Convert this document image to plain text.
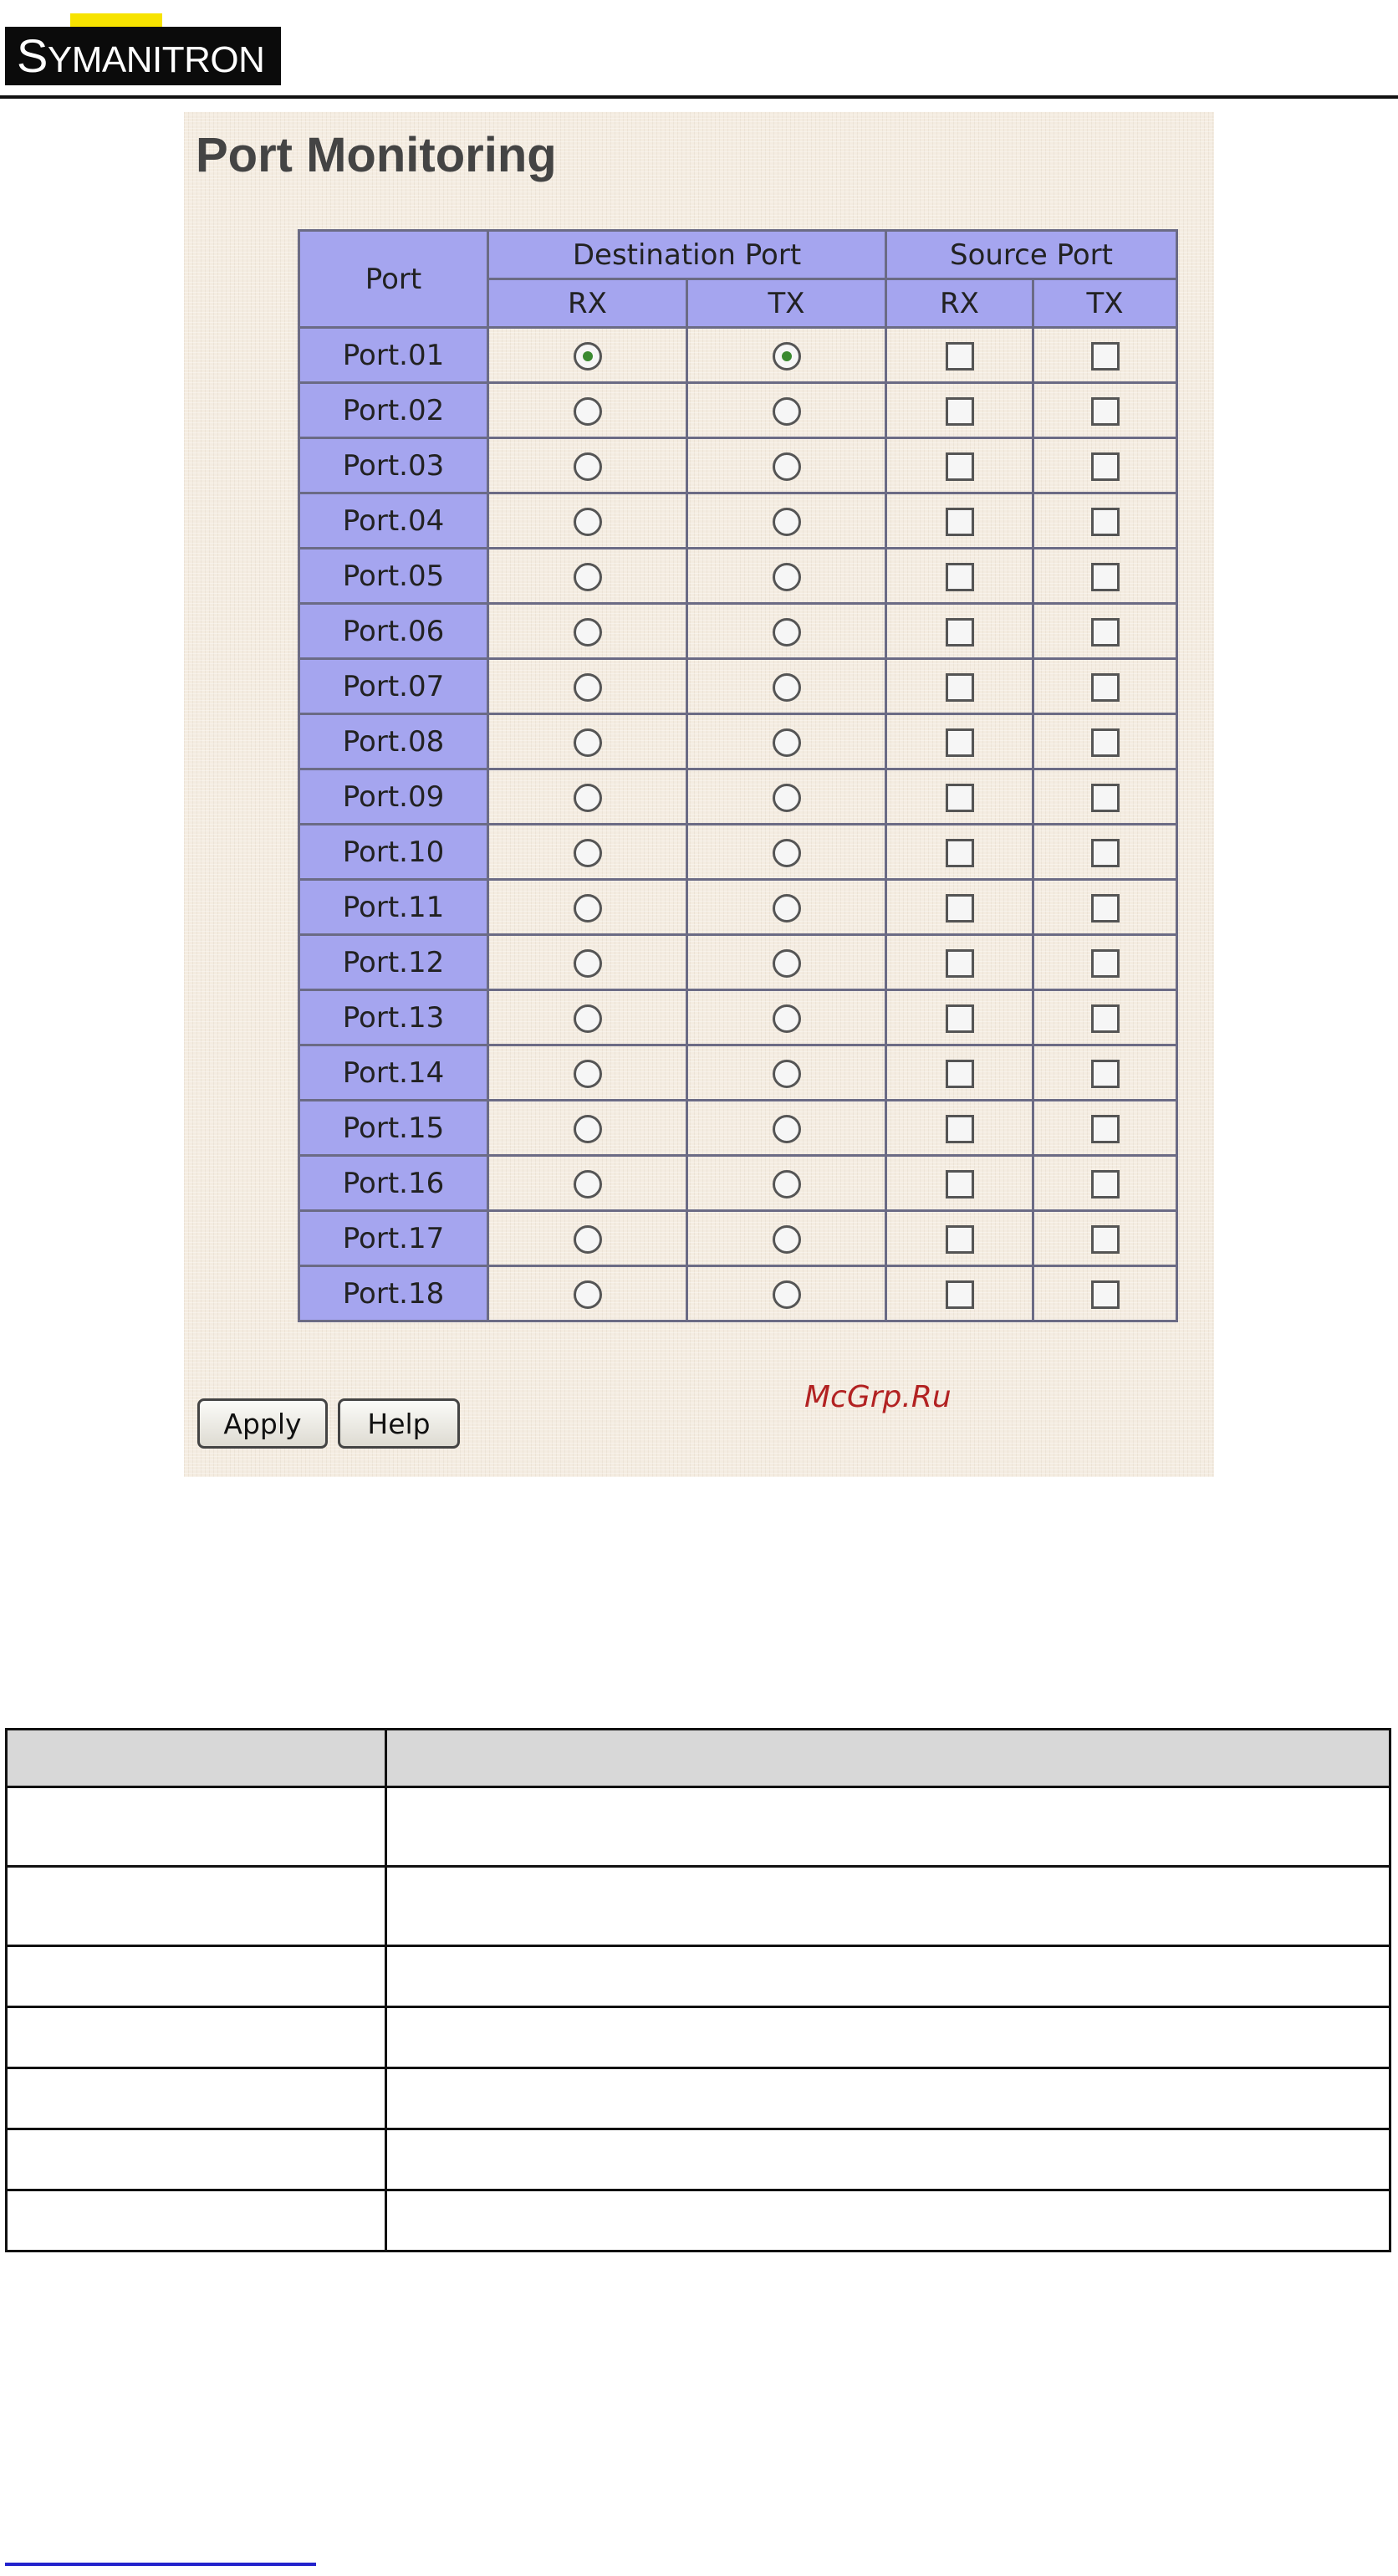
SYMANITRON
Port Monitoring
Port	Destination Port		Source Port	
	RX	TX	RX	TX
Port.01				
Port.02				
Port.03				
Port.04				
Port.05				
Port.06				
Port.07				
Port.08				
Port.09				
Port.10				
Port.11				
Port.12				
Port.13				
Port.14				
Port.15				
Port.16				
Port.17				
Port.18				
McGrp.Ru
Apply	Help
